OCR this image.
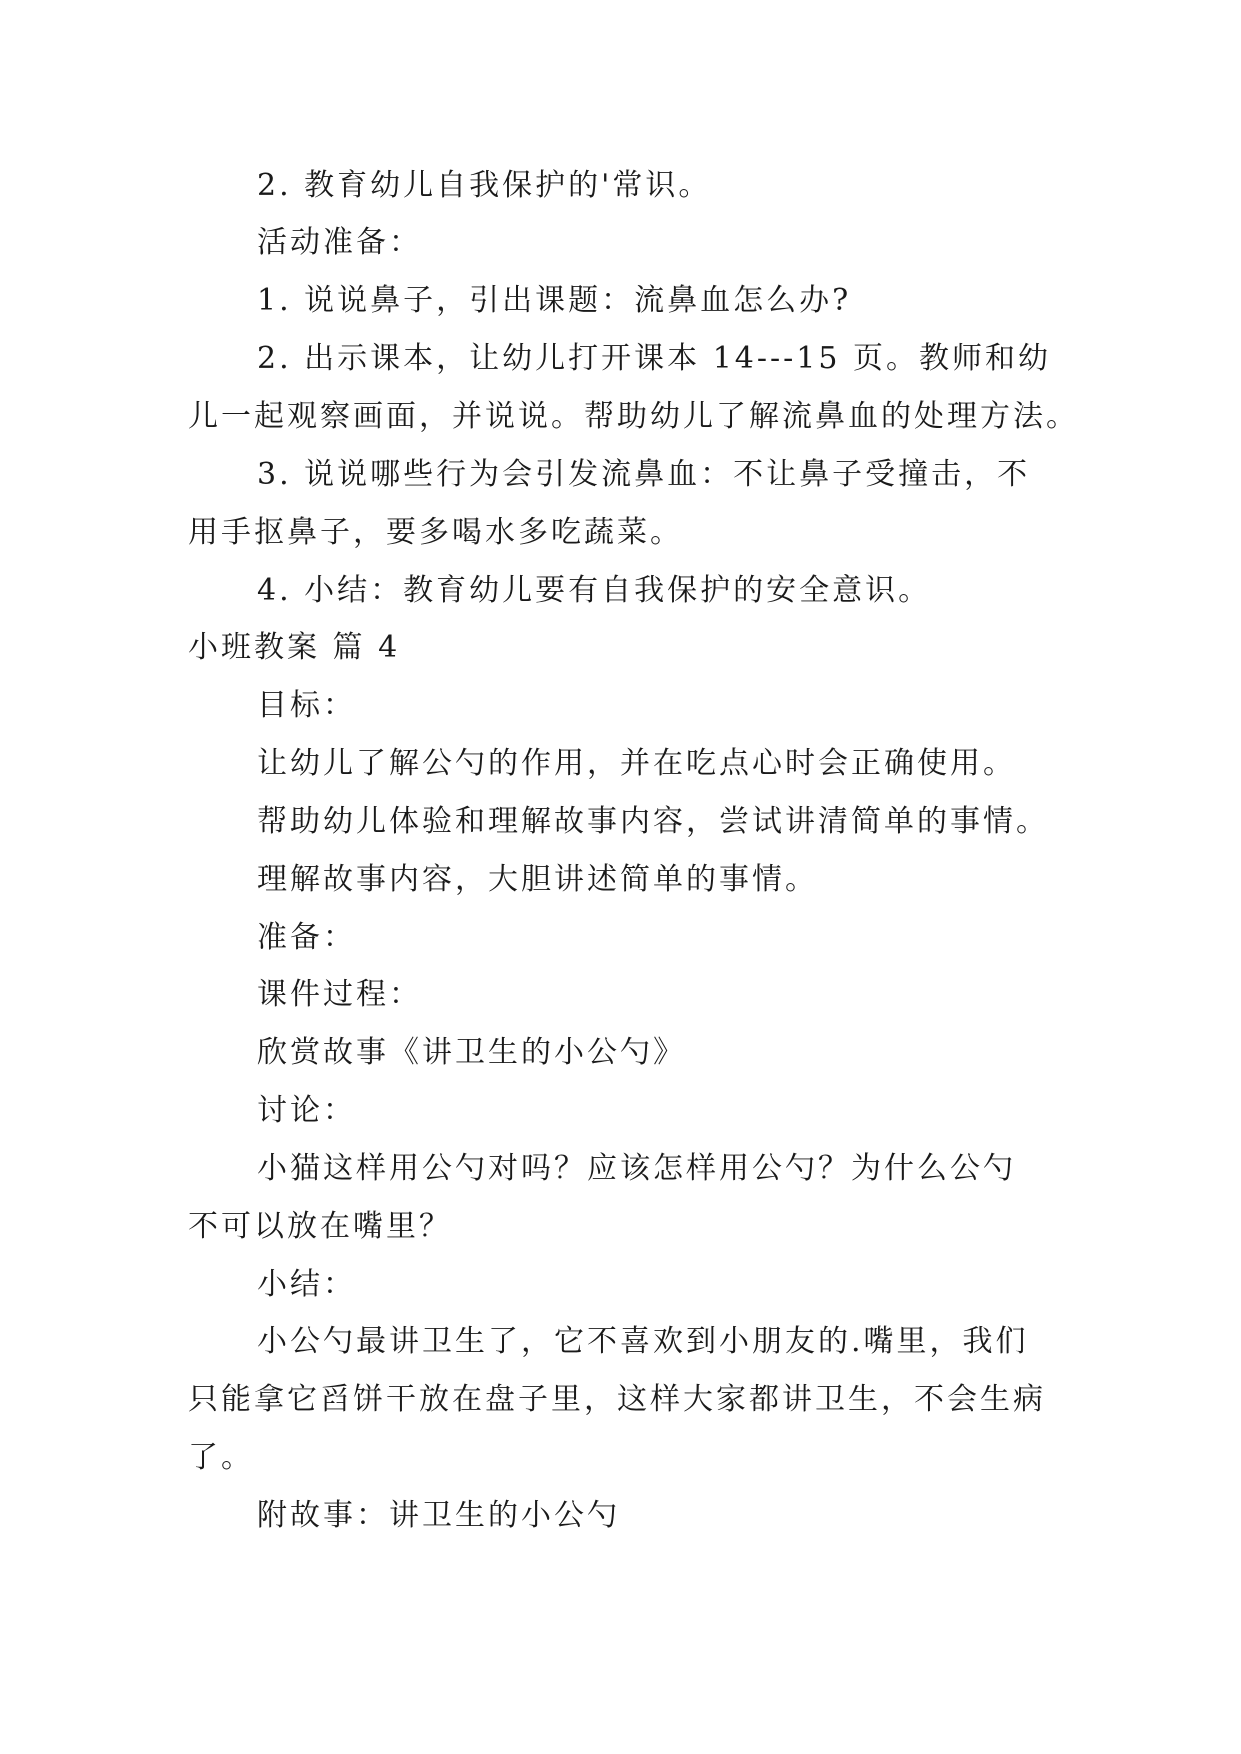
2. 教育幼儿自我保护的'常识。
活动准备：
1. 说说鼻子，引出课题：流鼻血怎么办?
2. 出示课本，让幼儿打开课本 14---15 页。教师和幼
儿一起观察画面，并说说。帮助幼儿了解流鼻血的处理方法。
3. 说说哪些行为会引发流鼻血：不让鼻子受撞击，不
用手抠鼻子，要多喝水多吃蔬菜。
4. 小结：教育幼儿要有自我保护的安全意识。
小班教案 篇 4
目标：
让幼儿了解公勺的作用，并在吃点心时会正确使用。
帮助幼儿体验和理解故事内容，尝试讲清简单的事情。
理解故事内容，大胆讲述简单的事情。
准备：
课件过程：
欣赏故事《讲卫生的小公勺》
讨论：
小猫这样用公勺对吗？应该怎样用公勺？为什么公勺
不可以放在嘴里？
小结：
小公勺最讲卫生了，它不喜欢到小朋友的.嘴里，我们
只能拿它舀饼干放在盘子里，这样大家都讲卫生，不会生病
了。
附故事：讲卫生的小公勺
